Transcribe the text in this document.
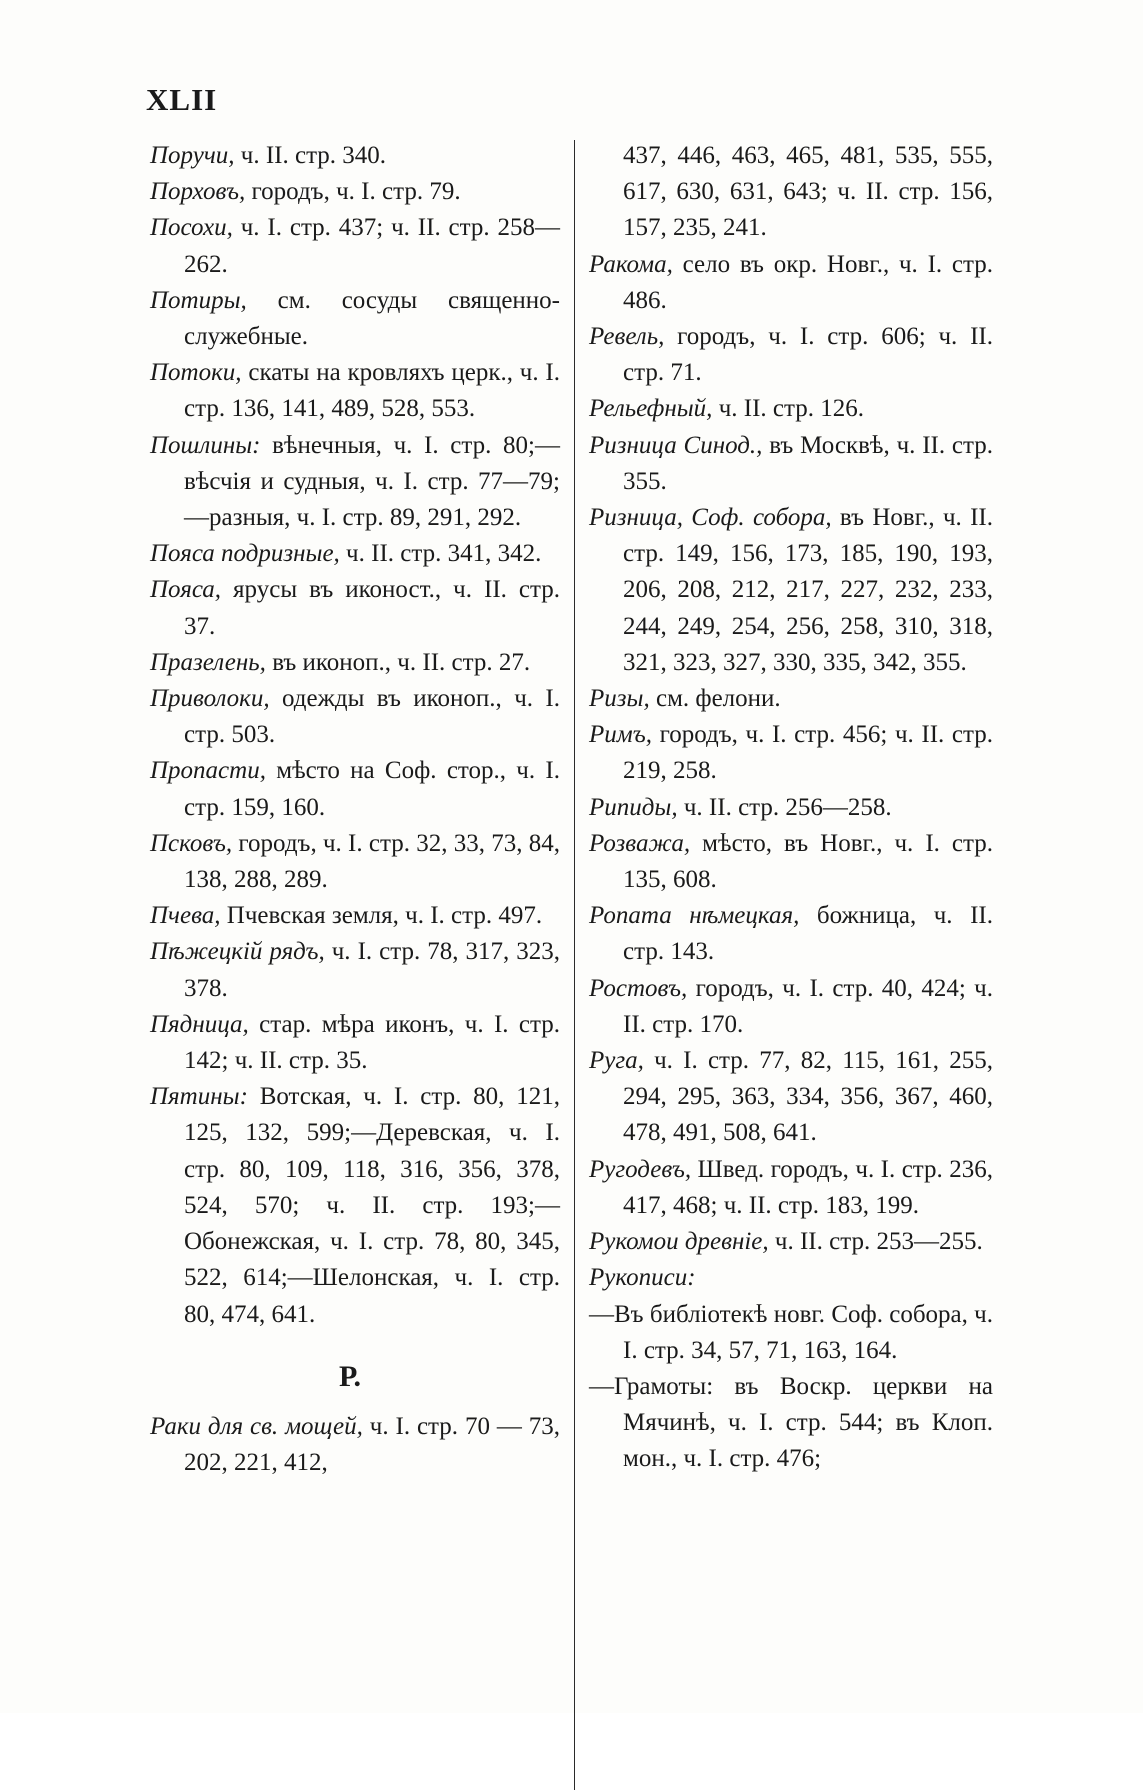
XLII
Поручи, ч. II. стр. 340.
Порховъ, городъ, ч. I. стр. 79.
Посохи, ч. I. стр. 437; ч. II. стр. 258—262.
Потиры, см. сосуды священно-служебные.
Потоки, скаты на кровляхъ церк., ч. I. стр. 136, 141, 489, 528, 553.
Пошлины: вѣнечныя, ч. I. стр. 80;—вѣсчія и судныя, ч. I. стр. 77—79;—разныя, ч. I. стр. 89, 291, 292.
Пояса подризные, ч. II. стр. 341, 342.
Пояса, ярусы въ иконост., ч. II. стр. 37.
Празелень, въ иконоп., ч. II. стр. 27.
Приволоки, одежды въ иконоп., ч. I. стр. 503.
Пропасти, мѣсто на Соф. стор., ч. I. стр. 159, 160.
Псковъ, городъ, ч. I. стр. 32, 33, 73, 84, 138, 288, 289.
Пчева, Пчевская земля, ч. I. стр. 497.
Пѣжецкій рядъ, ч. I. стр. 78, 317, 323, 378.
Пядница, стар. мѣра иконъ, ч. I. стр. 142; ч. II. стр. 35.
Пятины: Вотская, ч. I. стр. 80, 121, 125, 132, 599;—Деревская, ч. I. стр. 80, 109, 118, 316, 356, 378, 524, 570; ч. II. стр. 193;—Обонежская, ч. I. стр. 78, 80, 345, 522, 614;—Шелонская, ч. I. стр. 80, 474, 641.
Р.
Раки для св. мощей, ч. I. стр. 70 — 73, 202, 221, 412,
437, 446, 463, 465, 481, 535, 555, 617, 630, 631, 643; ч. II. стр. 156, 157, 235, 241.
Ракома, село въ окр. Новг., ч. I. стр. 486.
Ревель, городъ, ч. I. стр. 606; ч. II. стр. 71.
Рельефный, ч. II. стр. 126.
Ризница Синод., въ Москвѣ, ч. II. стр. 355.
Ризница, Соф. собора, въ Новг., ч. II. стр. 149, 156, 173, 185, 190, 193, 206, 208, 212, 217, 227, 232, 233, 244, 249, 254, 256, 258, 310, 318, 321, 323, 327, 330, 335, 342, 355.
Ризы, см. фелони.
Римъ, городъ, ч. I. стр. 456; ч. II. стр. 219, 258.
Рипиды, ч. II. стр. 256—258.
Розважа, мѣсто, въ Новг., ч. I. стр. 135, 608.
Ропата нѣмецкая, божница, ч. II. стр. 143.
Ростовъ, городъ, ч. I. стр. 40, 424; ч. II. стр. 170.
Руга, ч. I. стр. 77, 82, 115, 161, 255, 294, 295, 363, 334, 356, 367, 460, 478, 491, 508, 641.
Ругодевъ, Швед. городъ, ч. I. стр. 236, 417, 468; ч. II. стр. 183, 199.
Рукомои древніе, ч. II. стр. 253—255.
Рукописи:
—Въ библіотекѣ новг. Соф. собора, ч. I. стр. 34, 57, 71, 163, 164.
—Грамоты: въ Воскр. церкви на Мячинѣ, ч. I. стр. 544; въ Клоп. мон., ч. I. стр. 476;
